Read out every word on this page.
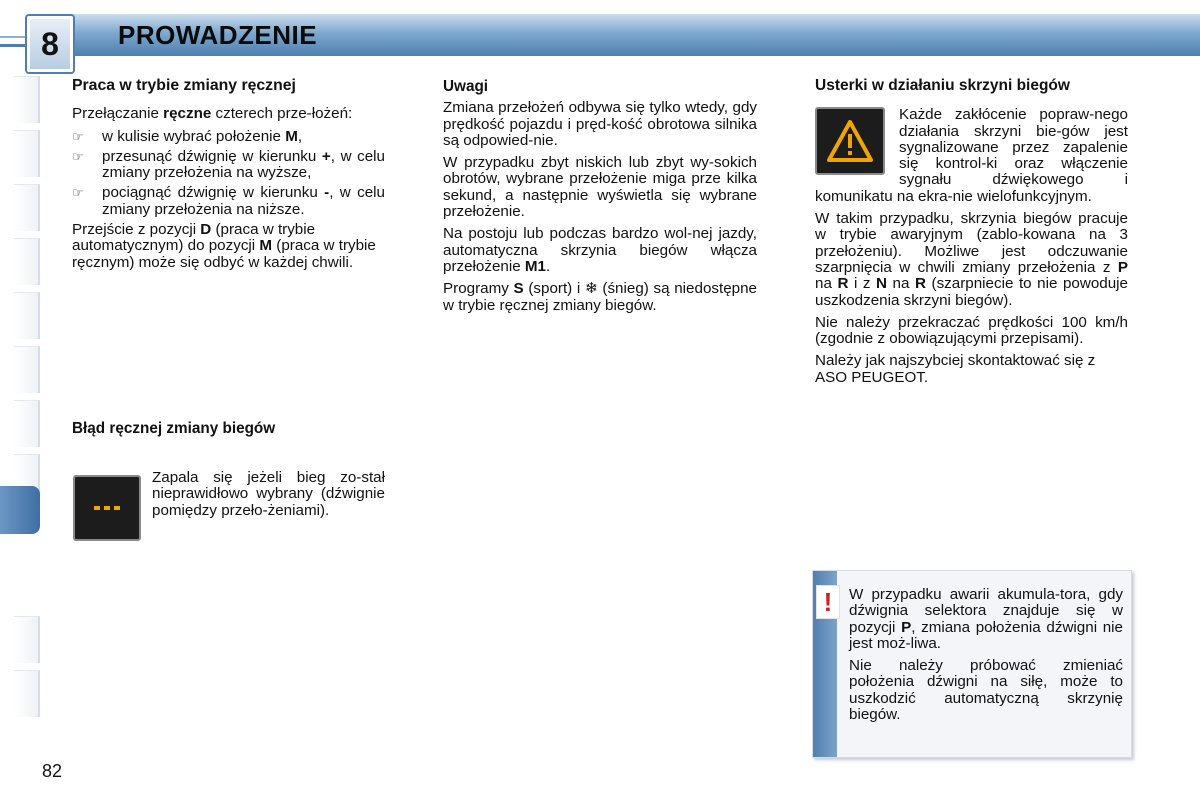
8	PROWADZENIE
Praca w trybie zmiany ręcznej

Przełączanie ręczne czterech prze-łożeń:

☞ w kulisie wybrać położenie M,
☞ przesunąć dźwignię w kierunku +, w celu zmiany przełożenia na wyższe,
☞ pociągnąć dźwignię w kierunku -, w celu zmiany przełożenia na niższe.

Przejście z pozycji D (praca w trybie automatycznym) do pozycji M (praca w trybie ręcznym) może się odbyć w każdej chwili.

Błąd ręcznej zmiany biegów

Zapala się jeżeli bieg zo-stał nieprawidłowo wybrany (dźwignie pomiędzy przeło-żeniami).

Uwagi

Zmiana przełożeń odbywa się tylko wtedy, gdy prędkość pojazdu i pręd-kość obrotowa silnika są odpowied-nie.

W przypadku zbyt niskich lub zbyt wy-sokich obrotów, wybrane przełożenie miga prze kilka sekund, a następnie wyświetla się wybrane przełożenie.

Na postoju lub podczas bardzo wol-nej jazdy, automatyczna skrzynia biegów włącza przełożenie M1.

Programy S (sport) i ❄ (śnieg) są niedostępne w trybie ręcznej zmiany biegów.

Usterki w działaniu skrzyni biegów

Każde zakłócenie popraw-nego działania skrzyni bie-gów jest sygnalizowane przez zapalenie się kontrol-ki oraz włączenie sygnału dźwiękowego i komunikatu na ekra-nie wielofunkcyjnym.

W takim przypadku, skrzynia biegów pracuje w trybie awaryjnym (zablo-kowana na 3 przełożeniu). Możliwe jest odczuwanie szarpnięcia w chwili zmiany przełożenia z P na R i z N na R (szarpniecie to nie powoduje uszkodzenia skrzyni biegów).

Nie należy przekraczać prędkości 100 km/h (zgodnie z obowiązującymi przepisami).

Należy jak najszybciej skontaktować się z ASO PEUGEOT.

!	W przypadku awarii akumula-tora, gdy dźwignia selektora znajduje się w pozycji P, zmiana położenia dźwigni nie jest moż-liwa.

Nie należy próbować zmieniać położenia dźwigni na siłę, może to uszkodzić automatyczną skrzynię biegów.

82
